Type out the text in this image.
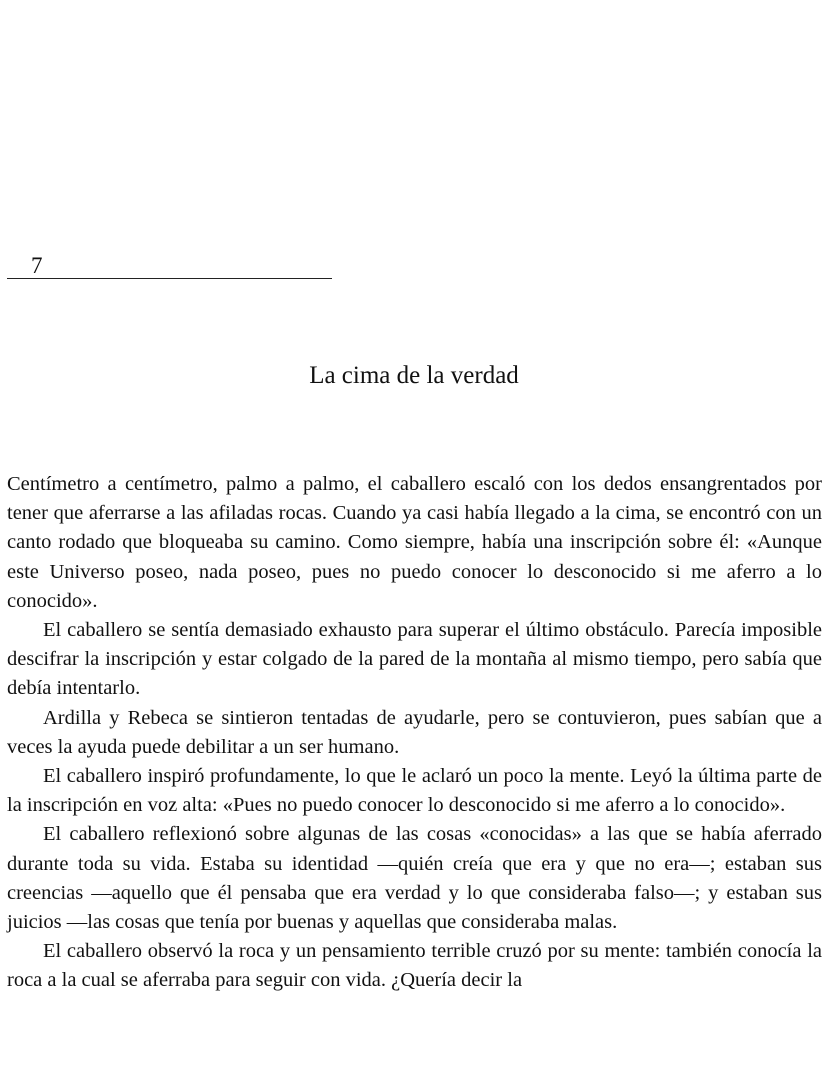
7
La cima de la verdad

Centímetro a centímetro, palmo a palmo, el caballero escaló con los dedos ensangrentados por tener que aferrarse a las afiladas rocas. Cuando ya casi había llegado a la cima, se encontró con un canto rodado que bloqueaba su camino. Como siempre, había una inscripción sobre él: «Aunque este Universo poseo, nada poseo, pues no puedo conocer lo desconocido si me aferro a lo conocido».

El caballero se sentía demasiado exhausto para superar el último obstáculo. Parecía imposible descifrar la inscripción y estar colgado de la pared de la montaña al mismo tiempo, pero sabía que debía intentarlo.

Ardilla y Rebeca se sintieron tentadas de ayudarle, pero se contuvieron, pues sabían que a veces la ayuda puede debilitar a un ser humano.

El caballero inspiró profundamente, lo que le aclaró un poco la mente. Leyó la última parte de la inscripción en voz alta: «Pues no puedo conocer lo desconocido si me aferro a lo conocido».

El caballero reflexionó sobre algunas de las cosas «conocidas» a las que se había aferrado durante toda su vida. Estaba su identidad —quién creía que era y que no era—; estaban sus creencias —aquello que él pensaba que era verdad y lo que consideraba falso—; y estaban sus juicios —las cosas que tenía por buenas y aquellas que consideraba malas.

El caballero observó la roca y un pensamiento terrible cruzó por su mente: también conocía la roca a la cual se aferraba para seguir con vida. ¿Quería decir la
